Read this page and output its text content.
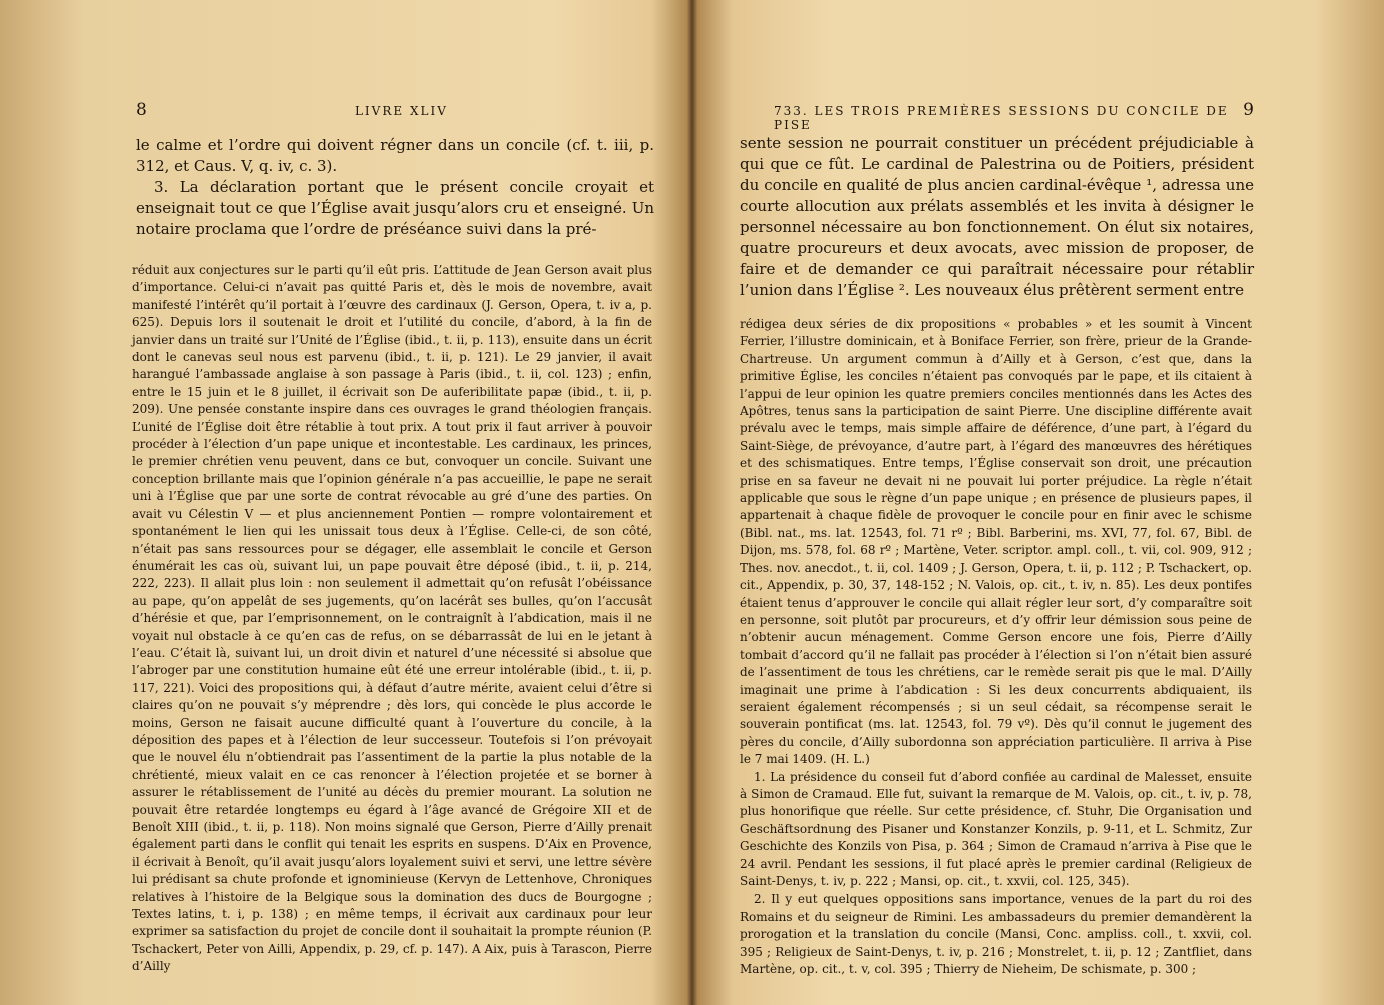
8	LIVRE XLIV

le calme et l’ordre qui doivent régner dans un concile (cf. t. iii, p. 312, et Caus. V, q. iv, c. 3).

3. La déclaration portant que le présent concile croyait et enseignait tout ce que l’Église avait jusqu’alors cru et enseigné. Un notaire proclama que l’ordre de préséance suivi dans la pré-

réduit aux conjectures sur le parti qu’il eût pris. L’attitude de Jean Gerson avait plus d’importance. Celui-ci n’avait pas quitté Paris et, dès le mois de novembre, avait manifesté l’intérêt qu’il portait à l’œuvre des cardinaux (J. Gerson, Opera, t. iv a, p. 625). Depuis lors il soutenait le droit et l’utilité du concile, d’abord, à la fin de janvier dans un traité sur l’Unité de l’Église (ibid., t. ii, p. 113), ensuite dans un écrit dont le canevas seul nous est parvenu (ibid., t. ii, p. 121). Le 29 janvier, il avait harangué l’ambassade anglaise à son passage à Paris (ibid., t. ii, col. 123) ; enfin, entre le 15 juin et le 8 juillet, il écrivait son De auferibilitate papæ (ibid., t. ii, p. 209). Une pensée constante inspire dans ces ouvrages le grand théologien français. L’unité de l’Église doit être rétablie à tout prix. A tout prix il faut arriver à pouvoir procéder à l’élection d’un pape unique et incontestable. Les cardinaux, les princes, le premier chrétien venu peuvent, dans ce but, convoquer un concile. Suivant une conception brillante mais que l’opinion générale n’a pas accueillie, le pape ne serait uni à l’Église que par une sorte de contrat révocable au gré d’une des parties. On avait vu Célestin V — et plus anciennement Pontien — rompre volontairement et spontanément le lien qui les unissait tous deux à l’Église. Celle-ci, de son côté, n’était pas sans ressources pour se dégager, elle assemblait le concile et Gerson énumérait les cas où, suivant lui, un pape pouvait être déposé (ibid., t. ii, p. 214, 222, 223). Il allait plus loin : non seulement il admettait qu’on refusât l’obéissance au pape, qu’on appelât de ses jugements, qu’on lacérât ses bulles, qu’on l’accusât d’hérésie et que, par l’emprisonnement, on le contraignît à l’abdication, mais il ne voyait nul obstacle à ce qu’en cas de refus, on se débarrassât de lui en le jetant à l’eau. C’était là, suivant lui, un droit divin et naturel d’une nécessité si absolue que l’abroger par une constitution humaine eût été une erreur intolérable (ibid., t. ii, p. 117, 221). Voici des propositions qui, à défaut d’autre mérite, avaient celui d’être si claires qu’on ne pouvait s’y méprendre ; dès lors, qui concède le plus accorde le moins, Gerson ne faisait aucune difficulté quant à l’ouverture du concile, à la déposition des papes et à l’élection de leur successeur. Toutefois si l’on prévoyait que le nouvel élu n’obtiendrait pas l’assentiment de la partie la plus notable de la chrétienté, mieux valait en ce cas renoncer à l’élection projetée et se borner à assurer le rétablissement de l’unité au décès du premier mourant. La solution ne pouvait être retardée longtemps eu égard à l’âge avancé de Grégoire XII et de Benoît XIII (ibid., t. ii, p. 118). Non moins signalé que Gerson, Pierre d’Ailly prenait également parti dans le conflit qui tenait les esprits en suspens. D’Aix en Provence, il écrivait à Benoît, qu’il avait jusqu’alors loyalement suivi et servi, une lettre sévère lui prédisant sa chute profonde et ignominieuse (Kervyn de Lettenhove, Chroniques relatives à l’histoire de la Belgique sous la domination des ducs de Bourgogne ; Textes latins, t. i, p. 138) ; en même temps, il écrivait aux cardinaux pour leur exprimer sa satisfaction du projet de concile dont il souhaitait la prompte réunion (P. Tschackert, Peter von Ailli, Appendix, p. 29, cf. p. 147). A Aix, puis à Tarascon, Pierre d’Ailly

733. LES TROIS PREMIÈRES SESSIONS DU CONCILE DE PISE
9

sente session ne pourrait constituer un précédent préjudiciable à qui que ce fût. Le cardinal de Palestrina ou de Poitiers, président du concile en qualité de plus ancien cardinal-évêque ¹, adressa une courte allocution aux prélats assemblés et les invita à désigner le personnel nécessaire au bon fonctionnement. On élut six notaires, quatre procureurs et deux avocats, avec mission de proposer, de faire et de demander ce qui paraîtrait nécessaire pour rétablir l’union dans l’Église ². Les nouveaux élus prêtèrent serment entre

rédigea deux séries de dix propositions « probables » et les soumit à Vincent Ferrier, l’illustre dominicain, et à Boniface Ferrier, son frère, prieur de la Grande-Chartreuse. Un argument commun à d’Ailly et à Gerson, c’est que, dans la primitive Église, les conciles n’étaient pas convoqués par le pape, et ils citaient à l’appui de leur opinion les quatre premiers conciles mentionnés dans les Actes des Apôtres, tenus sans la participation de saint Pierre. Une discipline différente avait prévalu avec le temps, mais simple affaire de déférence, d’une part, à l’égard du Saint-Siège, de prévoyance, d’autre part, à l’égard des manœuvres des hérétiques et des schismatiques. Entre temps, l’Église conservait son droit, une précaution prise en sa faveur ne devait ni ne pouvait lui porter préjudice. La règle n’était applicable que sous le règne d’un pape unique ; en présence de plusieurs papes, il appartenait à chaque fidèle de provoquer le concile pour en finir avec le schisme (Bibl. nat., ms. lat. 12543, fol. 71 rº ; Bibl. Barberini, ms. XVI, 77, fol. 67, Bibl. de Dijon, ms. 578, fol. 68 rº ; Martène, Veter. scriptor. ampl. coll., t. vii, col. 909, 912 ; Thes. nov. anecdot., t. ii, col. 1409 ; J. Gerson, Opera, t. ii, p. 112 ; P. Tschackert, op. cit., Appendix, p. 30, 37, 148-152 ; N. Valois, op. cit., t. iv, n. 85). Les deux pontifes étaient tenus d’approuver le concile qui allait régler leur sort, d’y comparaître soit en personne, soit plutôt par procureurs, et d’y offrir leur démission sous peine de n’obtenir aucun ménagement. Comme Gerson encore une fois, Pierre d’Ailly tombait d’accord qu’il ne fallait pas procéder à l’élection si l’on n’était bien assuré de l’assentiment de tous les chrétiens, car le remède serait pis que le mal. D’Ailly imaginait une prime à l’abdication : Si les deux concurrents abdiquaient, ils seraient également récompensés ; si un seul cédait, sa récompense serait le souverain pontificat (ms. lat. 12543, fol. 79 vº). Dès qu’il connut le jugement des pères du concile, d’Ailly subordonna son appréciation particulière. Il arriva à Pise le 7 mai 1409. (H. L.)

1. La présidence du conseil fut d’abord confiée au cardinal de Malesset, ensuite à Simon de Cramaud. Elle fut, suivant la remarque de M. Valois, op. cit., t. iv, p. 78, plus honorifique que réelle. Sur cette présidence, cf. Stuhr, Die Organisation und Geschäftsordnung des Pisaner und Konstanzer Konzils, p. 9-11, et L. Schmitz, Zur Geschichte des Konzils von Pisa, p. 364 ; Simon de Cramaud n’arriva à Pise que le 24 avril. Pendant les sessions, il fut placé après le premier cardinal (Religieux de Saint-Denys, t. iv, p. 222 ; Mansi, op. cit., t. xxvii, col. 125, 345).

2. Il y eut quelques oppositions sans importance, venues de la part du roi des Romains et du seigneur de Rimini. Les ambassadeurs du premier demandèrent la prorogation et la translation du concile (Mansi, Conc. ampliss. coll., t. xxvii, col. 395 ; Religieux de Saint-Denys, t. iv, p. 216 ; Monstrelet, t. ii, p. 12 ; Zantfliet, dans Martène, op. cit., t. v, col. 395 ; Thierry de Nieheim, De schismate, p. 300 ;
